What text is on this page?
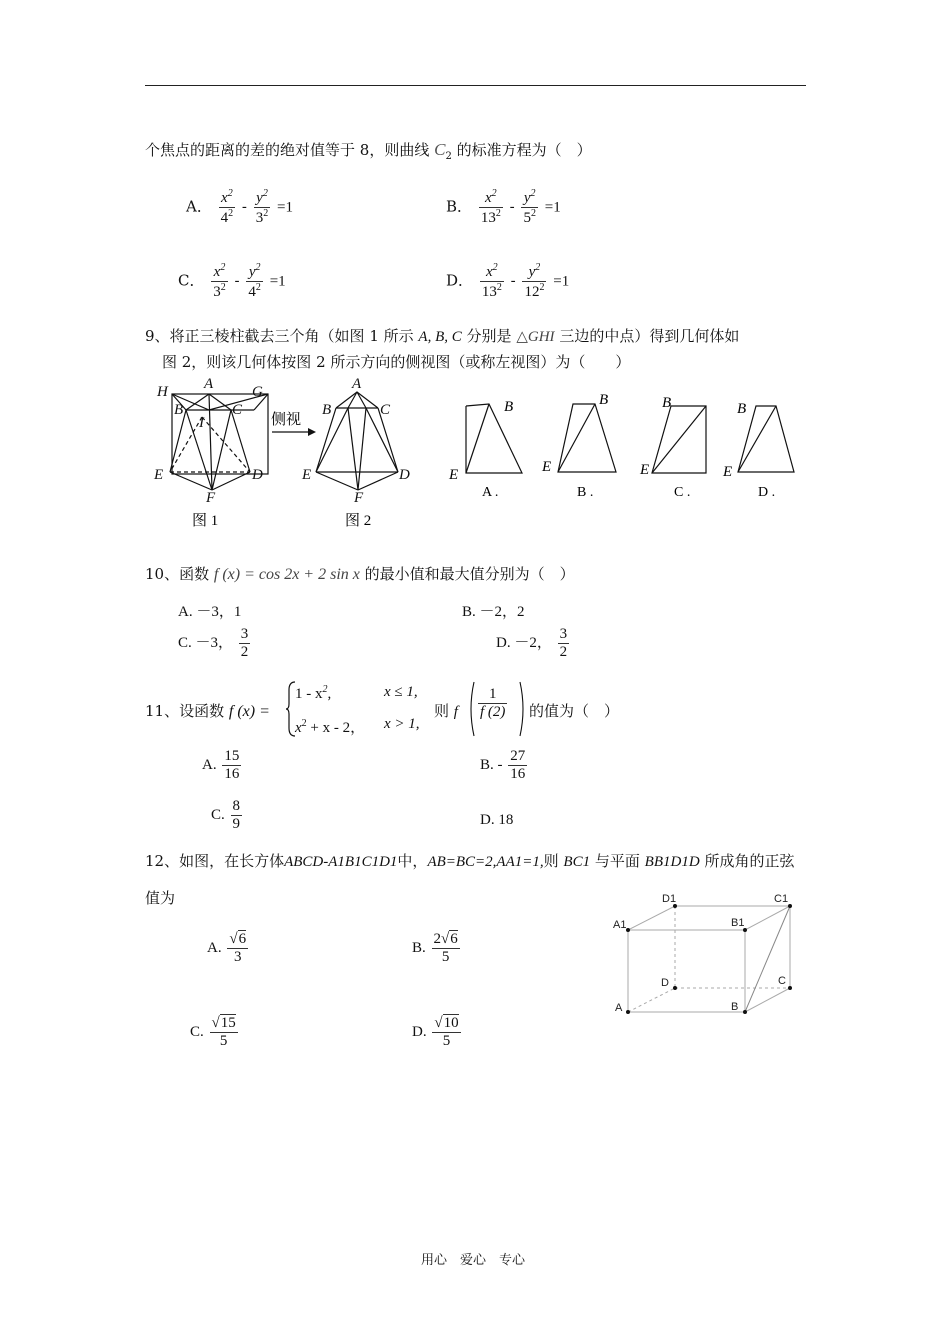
个焦点的距离的差的绝对值等于 8，则曲线 $C_2$ 的标准方程为（　）
A． $\frac{x^2}{4^2} - \frac{y^2}{3^2} =1$	B． $\frac{x^2}{13^2} - \frac{y^2}{5^2} =1$
C． $\frac{x^2}{3^2} - \frac{y^2}{4^2} =1$	D． $\frac{x^2}{13^2} - \frac{y^2}{12^2} =1$
9、将正三棱柱截去三个角（如图 1 所示 A, B, C 分别是 △GHI 三边的中点）得到几何体如
图 2，则该几何体按图 2 所示方向的侧视图（或称左视图）为（　　）
H A	G
B	C
I
E	D
F
图 1
侧视
A
B	C
E	D
F
图 2
B
E
A .
B
E
B .
B
E
C .
B
E
D .
10、函数 f (x) = cos 2x + 2 sin x 的最小值和最大值分别为（　）
A. －3，1	B. －2，2
C. －3， $\frac{3}{2}$	D. －2， $\frac{3}{2}$
11、设函数 f (x) =
$1 - x^2$,	x ≤ 1,
$x^2 + x - 2$， x > 1,
则 f $\frac{1}{f (2)}$ 的值为（　）
A. $\frac{15}{16}$	B. - $\frac{27}{16}$
C. $\frac{8}{9}$	D. 18
12、如图，在长方体ABCD-A1B1C1D1中，AB=BC=2,AA1=1,则 BC1 与平面 BB1D1D 所成角的正弦
值为
A. $\frac{√6}{3}$	B. $\frac{2√6}{5}$
C. $\frac{√15}{5}$	D. $\frac{√10}{5}$
D1	C1
A1	B1
D	C
A	B
用心　爱心　专心
